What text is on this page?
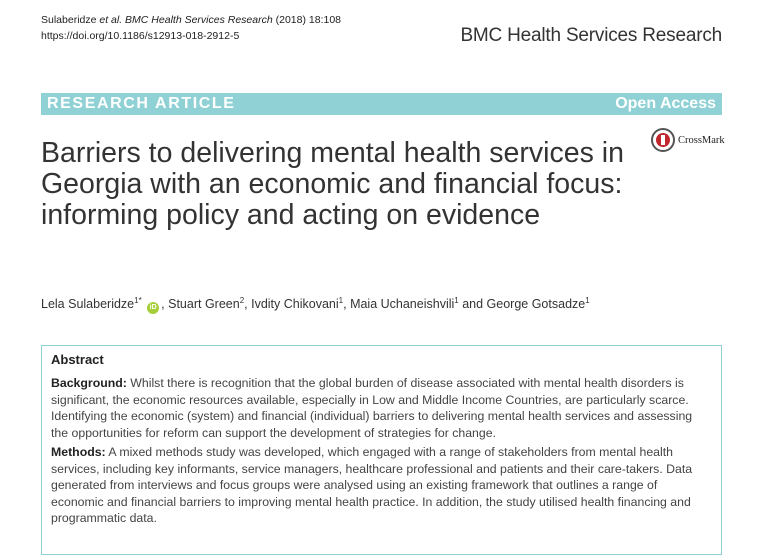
Sulaberidze et al. BMC Health Services Research (2018) 18:108
https://doi.org/10.1186/s12913-018-2912-5	BMC Health Services Research
RESEARCH ARTICLE	Open Access
CrossMark
Barriers to delivering mental health services in Georgia with an economic and financial focus: informing policy and acting on evidence
Lela Sulaberidze$^{1*}$ iD , Stuart Green$^2$, Ivdity Chikovani$^1$, Maia Uchaneishvili$^1$ and George Gotsadze$^1$
Abstract

Background: Whilst there is recognition that the global burden of disease associated with mental health disorders is significant, the economic resources available, especially in Low and Middle Income Countries, are particularly scarce. Identifying the economic (system) and financial (individual) barriers to delivering mental health services and assessing the opportunities for reform can support the development of strategies for change.

Methods: A mixed methods study was developed, which engaged with a range of stakeholders from mental health services, including key informants, service managers, healthcare professional and patients and their care-takers. Data generated from interviews and focus groups were analysed using an existing framework that outlines a range of economic and financial barriers to improving mental health practice. In addition, the study utilised health financing and programmatic data.
